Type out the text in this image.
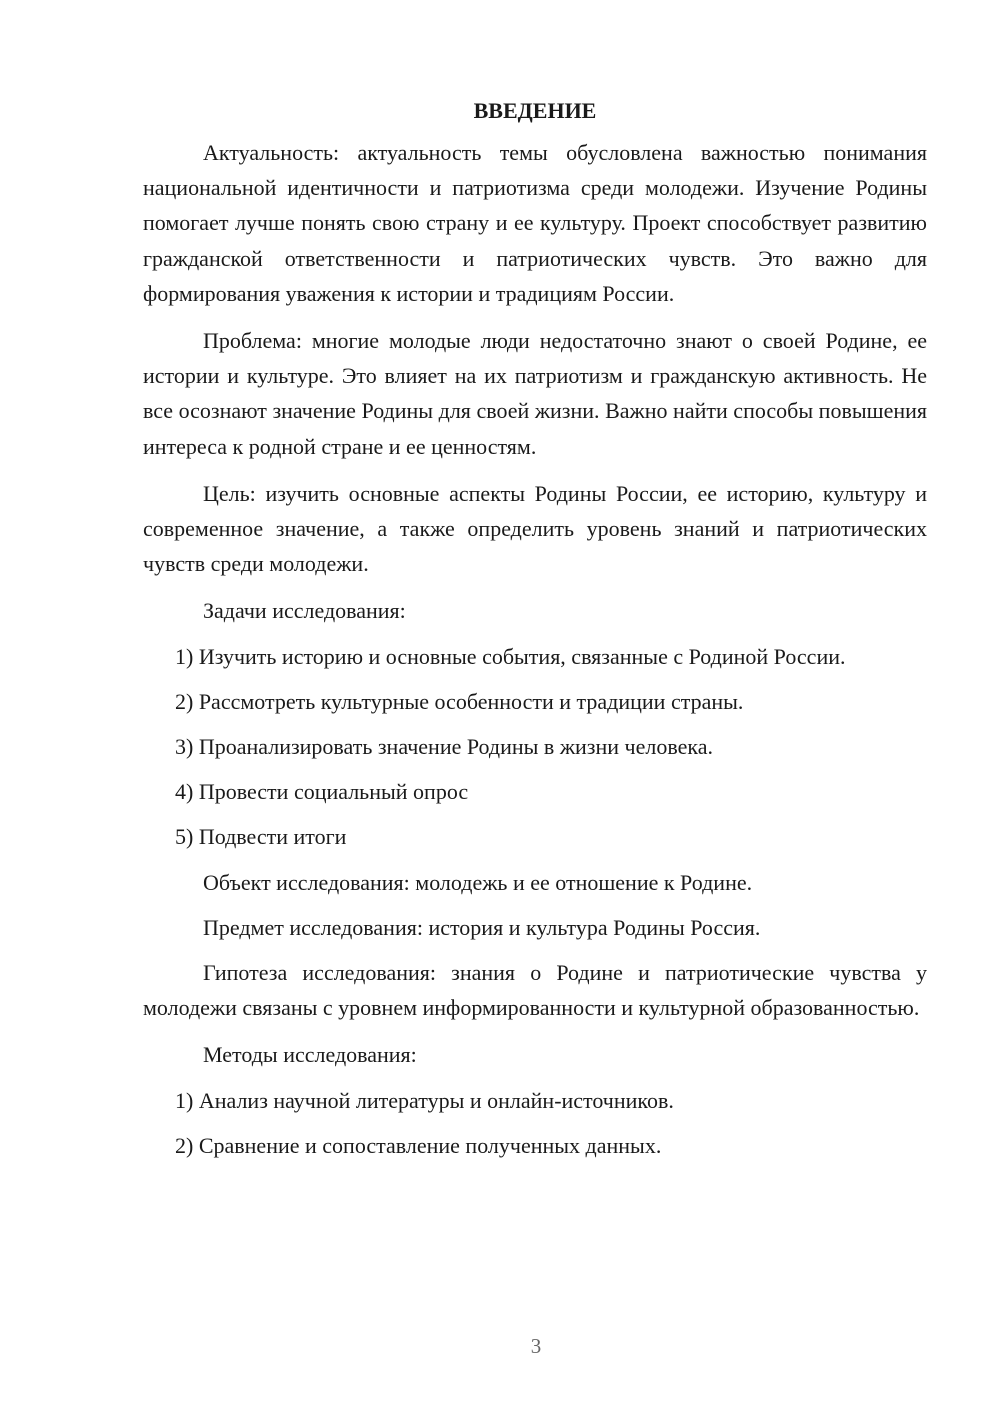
ВВЕДЕНИЕ

Актуальность: актуальность темы обусловлена важностью понимания национальной идентичности и патриотизма среди молодежи. Изучение Родины помогает лучше понять свою страну и ее культуру. Проект способствует развитию гражданской ответственности и патриотических чувств. Это важно для формирования уважения к истории и традициям России.

Проблема: многие молодые люди недостаточно знают о своей Родине, ее истории и культуре. Это влияет на их патриотизм и гражданскую активность. Не все осознают значение Родины для своей жизни. Важно найти способы повышения интереса к родной стране и ее ценностям.

Цель: изучить основные аспекты Родины России, ее историю, культуру и современное значение, а также определить уровень знаний и патриотических чувств среди молодежи.

Задачи исследования:

1) Изучить историю и основные события, связанные с Родиной России.

2) Рассмотреть культурные особенности и традиции страны.

3) Проанализировать значение Родины в жизни человека.

4) Провести социальный опрос

5) Подвести итоги

Объект исследования: молодежь и ее отношение к Родине.

Предмет исследования: история и культура Родины Россия.

Гипотеза исследования: знания о Родине и патриотические чувства у молодежи связаны с уровнем информированности и культурной образованностью.

Методы исследования:

1) Анализ научной литературы и онлайн-источников.

2) Сравнение и сопоставление полученных данных.

3
